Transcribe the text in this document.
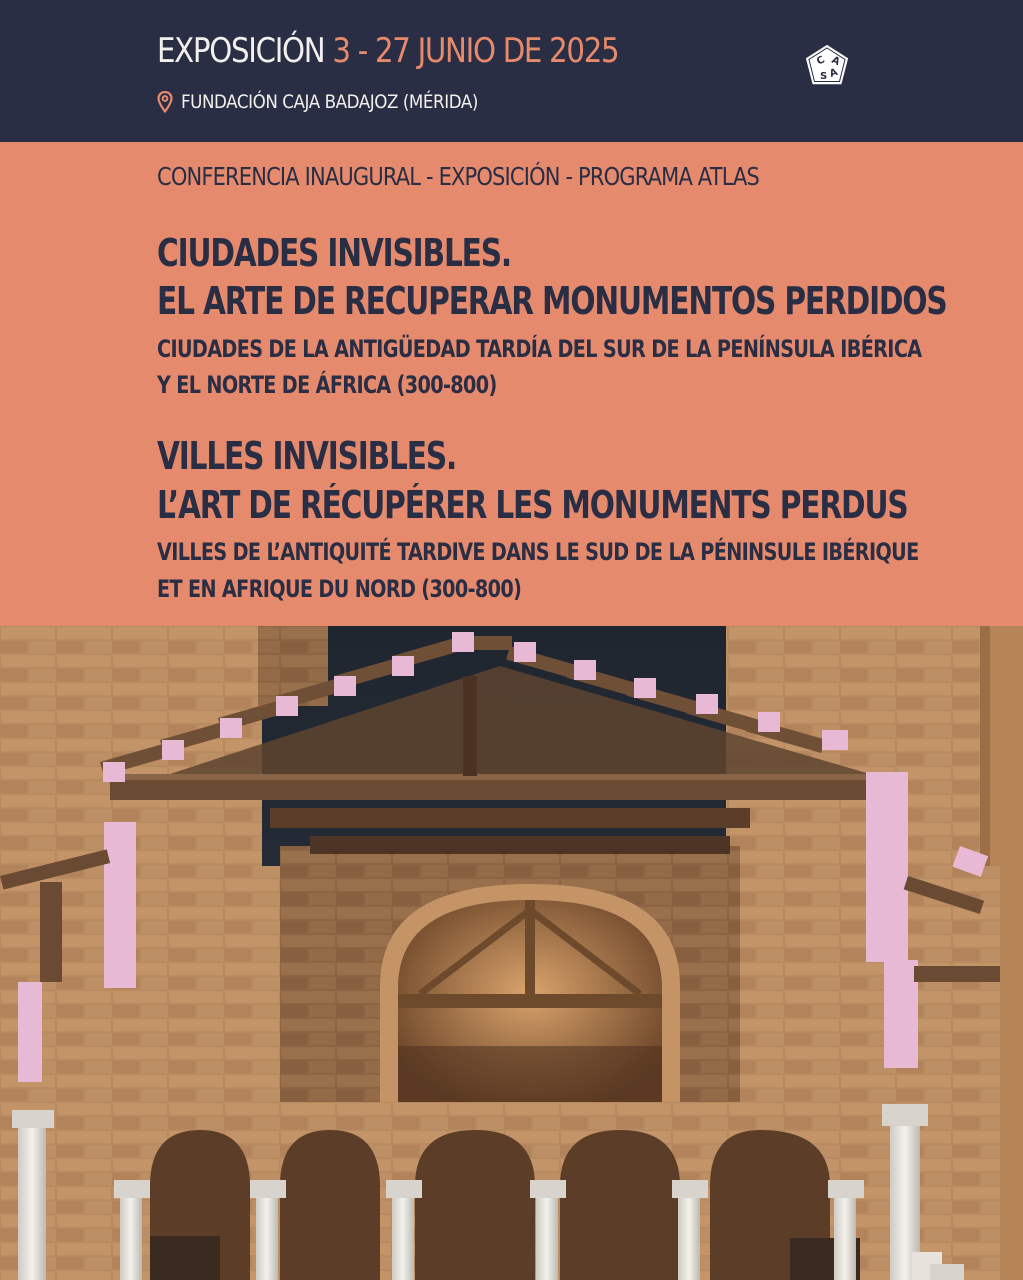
EXPOSICIÓN 3 - 27 JUNIO DE 2025
FUNDACIÓN CAJA BADAJOZ (MÉRIDA)
C A
S A
CONFERENCIA INAUGURAL - EXPOSICIÓN - PROGRAMA ATLAS
CIUDADES INVISIBLES.
EL ARTE DE RECUPERAR MONUMENTOS PERDIDOS
CIUDADES DE LA ANTIGÜEDAD TARDÍA DEL SUR DE LA PENÍNSULA IBÉRICA
Y EL NORTE DE ÁFRICA (300-800)
VILLES INVISIBLES.
L’ART DE RÉCUPÉRER LES MONUMENTS PERDUS
VILLES DE L’ANTIQUITÉ TARDIVE DANS LE SUD DE LA PÉNINSULE IBÉRIQUE
ET EN AFRIQUE DU NORD (300-800)
